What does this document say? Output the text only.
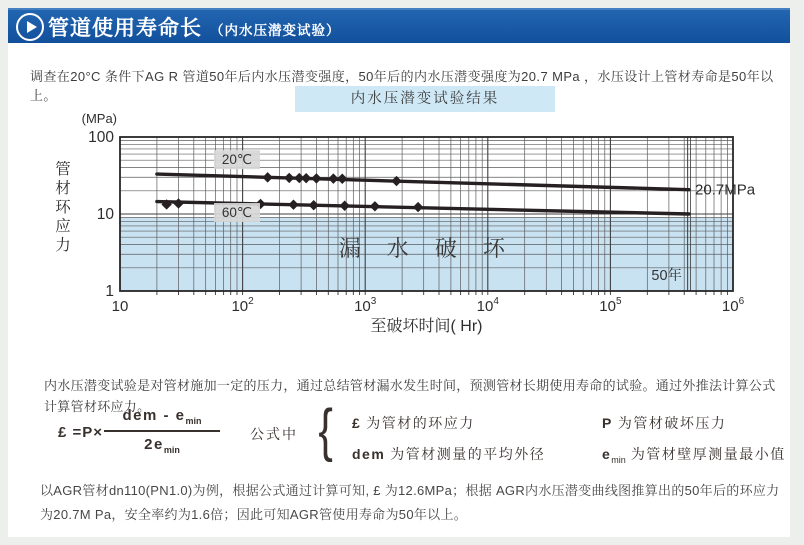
管道使用寿命长 （内水压潜变试验）

调查在20°C 条件下AG R 管道50年后内水压潜变强度，50年后的内水压潜变强度为20.7 MPa ，水压设计上管材寿命是50年以上。	内水压潜变试验结果
20℃
60℃
20.7MPa
50年
漏水破坏
100
10
1
(MPa)
10	$10^2$	$10^3$	$10^4$	$10^5$	$10^6$
至破坏时间( Hr)
管
材
环
应
力

内水压潜变试验是对管材施加一定的压力，通过总结管材漏水发生时间，预测管材长期使用寿命的试验。通过外推法计算公式计算管材环应力。

£ =P×
dem - $e_{min}$
$2e_{min}$
公式中 { £ 为管材的环应力	P 为管材破坏压力
dem 为管材测量的平均外径	$e_{min}$ 为管材壁厚测量最小值

以AGR管材dn110(PN1.0)为例，根据公式通过计算可知, £ 为12.6MPa；根据 AGR内水压潜变曲线图推算出的50年后的环应力为20.7M Pa，安全率约为1.6倍；因此可知AGR管使用寿命为50年以上。
